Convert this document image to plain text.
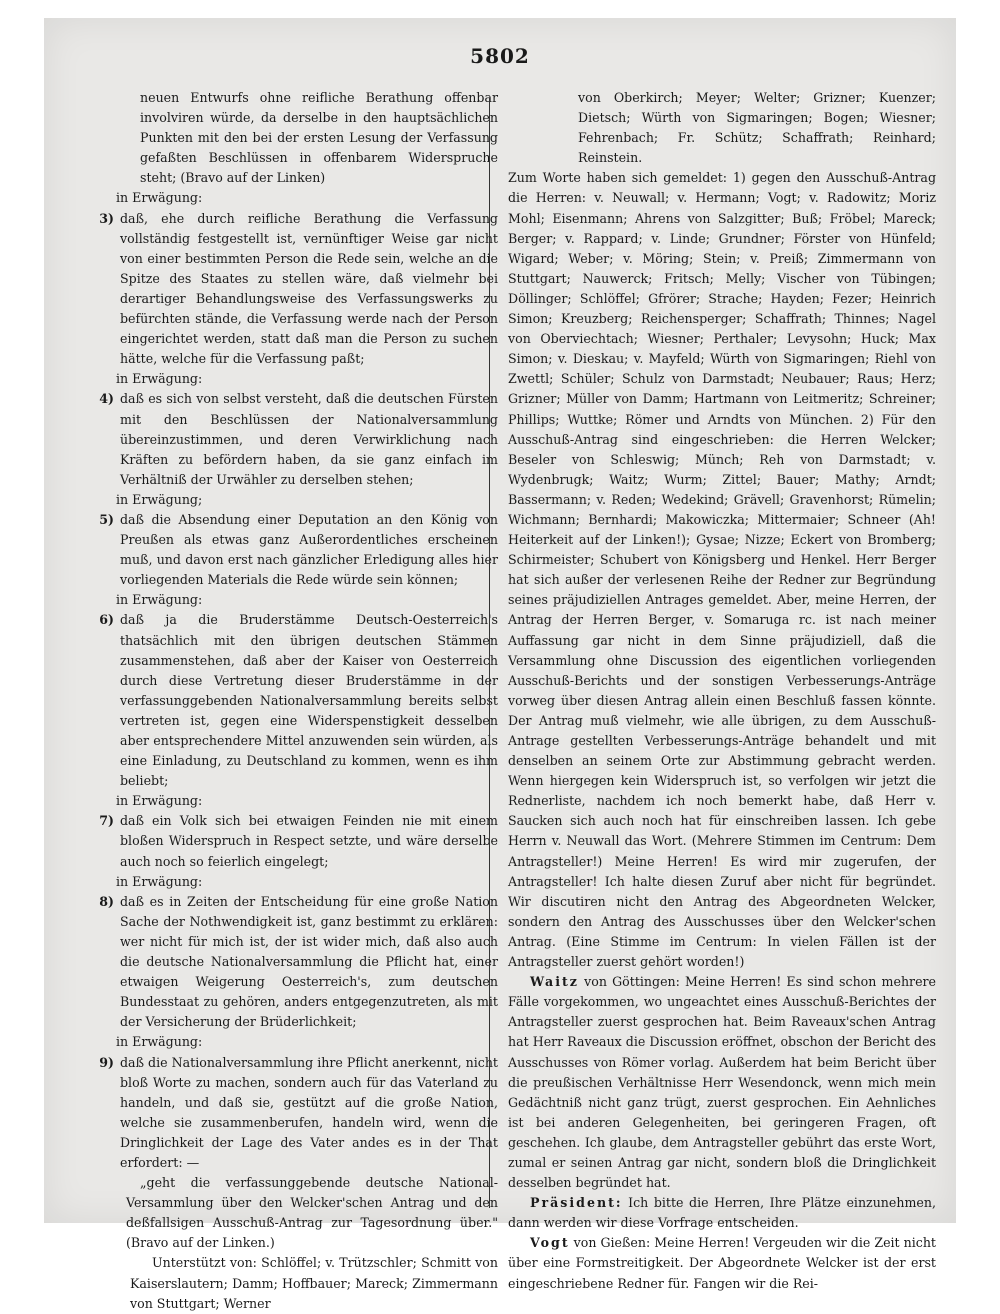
5802

neuen Entwurfs ohne reifliche Berathung offenbar involviren würde, da derselbe in den hauptsächlichen Punkten mit den bei der ersten Lesung der Verfassung gefaßten Beschlüssen in offenbarem Widerspruche steht; (Bravo auf der Linken)

in Erwägung:

3) daß, ehe durch reifliche Berathung die Verfassung vollständig festgestellt ist, vernünftiger Weise gar nicht von einer bestimmten Person die Rede sein, welche an die Spitze des Staates zu stellen wäre, daß vielmehr bei derartiger Behandlungsweise des Verfassungswerks zu befürchten stände, die Verfassung werde nach der Person eingerichtet werden, statt daß man die Person zu suchen hätte, welche für die Verfassung paßt;

in Erwägung:

4) daß es sich von selbst versteht, daß die deutschen Fürsten mit den Beschlüssen der Nationalversammlung übereinzustimmen, und deren Verwirklichung nach Kräften zu befördern haben, da sie ganz einfach im Verhältniß der Urwähler zu derselben stehen;

in Erwägung;

5) daß die Absendung einer Deputation an den König von Preußen als etwas ganz Außerordentliches erscheinen muß, und davon erst nach gänzlicher Erledigung alles hier vorliegenden Materials die Rede würde sein können;

in Erwägung:

6) daß ja die Bruderstämme Deutsch-Oesterreich's thatsächlich mit den übrigen deutschen Stämmen zusammenstehen, daß aber der Kaiser von Oesterreich durch diese Vertretung dieser Bruderstämme in der verfassunggebenden Nationalversammlung bereits selbst vertreten ist, gegen eine Widerspenstigkeit desselben aber entsprechendere Mittel anzuwenden sein würden, als eine Einladung, zu Deutschland zu kommen, wenn es ihm beliebt;

in Erwägung:

7) daß ein Volk sich bei etwaigen Feinden nie mit einem bloßen Widerspruch in Respect setzte, und wäre derselbe auch noch so feierlich eingelegt;

in Erwägung:

8) daß es in Zeiten der Entscheidung für eine große Nation Sache der Nothwendigkeit ist, ganz bestimmt zu erklären: wer nicht für mich ist, der ist wider mich, daß also auch die deutsche Nationalversammlung die Pflicht hat, einer etwaigen Weigerung Oesterreich's, zum deutschen Bundesstaat zu gehören, anders entgegenzutreten, als mit der Versicherung der Brüderlichkeit;

in Erwägung:

9) daß die Nationalversammlung ihre Pflicht anerkennt, nicht bloß Worte zu machen, sondern auch für das Vaterland zu handeln, und daß sie, gestützt auf die große Nation, welche sie zusammenberufen, handeln wird, wenn die Dringlichkeit der Lage des Vater andes es in der That erfordert: —

„geht die verfassunggebende deutsche National-Versammlung über den Welcker'schen Antrag und den deßfallsigen Ausschuß-Antrag zur Tagesordnung über." (Bravo auf der Linken.)

Unterstützt von: Schlöffel; v. Trützschler; Schmitt von Kaiserslautern; Damm; Hoffbauer; Mareck; Zimmermann von Stuttgart; Werner

von Oberkirch; Meyer; Welter; Grizner; Kuenzer; Dietsch; Würth von Sigmaringen; Bogen; Wiesner; Fehrenbach; Fr. Schütz; Schaffrath; Reinhard; Reinstein.

Zum Worte haben sich gemeldet: 1) gegen den Ausschuß-Antrag die Herren: v. Neuwall; v. Hermann; Vogt; v. Radowitz; Moriz Mohl; Eisenmann; Ahrens von Salzgitter; Buß; Fröbel; Mareck; Berger; v. Rappard; v. Linde; Grundner; Förster von Hünfeld; Wigard; Weber; v. Möring; Stein; v. Preiß; Zimmermann von Stuttgart; Nauwerck; Fritsch; Melly; Vischer von Tübingen; Döllinger; Schlöffel; Gfrörer; Strache; Hayden; Fezer; Heinrich Simon; Kreuzberg; Reichensperger; Schaffrath; Thinnes; Nagel von Oberviechtach; Wiesner; Perthaler; Levysohn; Huck; Max Simon; v. Dieskau; v. Mayfeld; Würth von Sigmaringen; Riehl von Zwettl; Schüler; Schulz von Darmstadt; Neubauer; Raus; Herz; Grizner; Müller von Damm; Hartmann von Leitmeritz; Schreiner; Phillips; Wuttke; Römer und Arndts von München. 2) Für den Ausschuß-Antrag sind eingeschrieben: die Herren Welcker; Beseler von Schleswig; Münch; Reh von Darmstadt; v. Wydenbrugk; Waitz; Wurm; Zittel; Bauer; Mathy; Arndt; Bassermann; v. Reden; Wedekind; Grävell; Gravenhorst; Rümelin; Wichmann; Bernhardi; Makowiczka; Mittermaier; Schneer (Ah! Heiterkeit auf der Linken!); Gysae; Nizze; Eckert von Bromberg; Schirmeister; Schubert von Königsberg und Henkel. Herr Berger hat sich außer der verlesenen Reihe der Redner zur Begründung seines präjudiziellen Antrages gemeldet. Aber, meine Herren, der Antrag der Herren Berger, v. Somaruga rc. ist nach meiner Auffassung gar nicht in dem Sinne präjudiziell, daß die Versammlung ohne Discussion des eigentlichen vorliegenden Ausschuß-Berichts und der sonstigen Verbesserungs-Anträge vorweg über diesen Antrag allein einen Beschluß fassen könnte. Der Antrag muß vielmehr, wie alle übrigen, zu dem Ausschuß-Antrage gestellten Verbesserungs-Anträge behandelt und mit denselben an seinem Orte zur Abstimmung gebracht werden. Wenn hiergegen kein Widerspruch ist, so verfolgen wir jetzt die Rednerliste, nachdem ich noch bemerkt habe, daß Herr v. Saucken sich auch noch hat für einschreiben lassen. Ich gebe Herrn v. Neuwall das Wort. (Mehrere Stimmen im Centrum: Dem Antragsteller!) Meine Herren! Es wird mir zugerufen, der Antragsteller! Ich halte diesen Zuruf aber nicht für begründet. Wir discutiren nicht den Antrag des Abgeordneten Welcker, sondern den Antrag des Ausschusses über den Welcker'schen Antrag. (Eine Stimme im Centrum: In vielen Fällen ist der Antragsteller zuerst gehört worden!)

Waitz von Göttingen: Meine Herren! Es sind schon mehrere Fälle vorgekommen, wo ungeachtet eines Ausschuß-Berichtes der Antragsteller zuerst gesprochen hat. Beim Raveaux'schen Antrag hat Herr Raveaux die Discussion eröffnet, obschon der Bericht des Ausschusses von Römer vorlag. Außerdem hat beim Bericht über die preußischen Verhältnisse Herr Wesendonck, wenn mich mein Gedächtniß nicht ganz trügt, zuerst gesprochen. Ein Aehnliches ist bei anderen Gelegenheiten, bei geringeren Fragen, oft geschehen. Ich glaube, dem Antragsteller gebührt das erste Wort, zumal er seinen Antrag gar nicht, sondern bloß die Dringlichkeit desselben begründet hat.

Präsident: Ich bitte die Herren, Ihre Plätze einzunehmen, dann werden wir diese Vorfrage entscheiden.

Vogt von Gießen: Meine Herren! Vergeuden wir die Zeit nicht über eine Formstreitigkeit. Der Abgeordnete Welcker ist der erst eingeschriebene Redner für. Fangen wir die Rei-
